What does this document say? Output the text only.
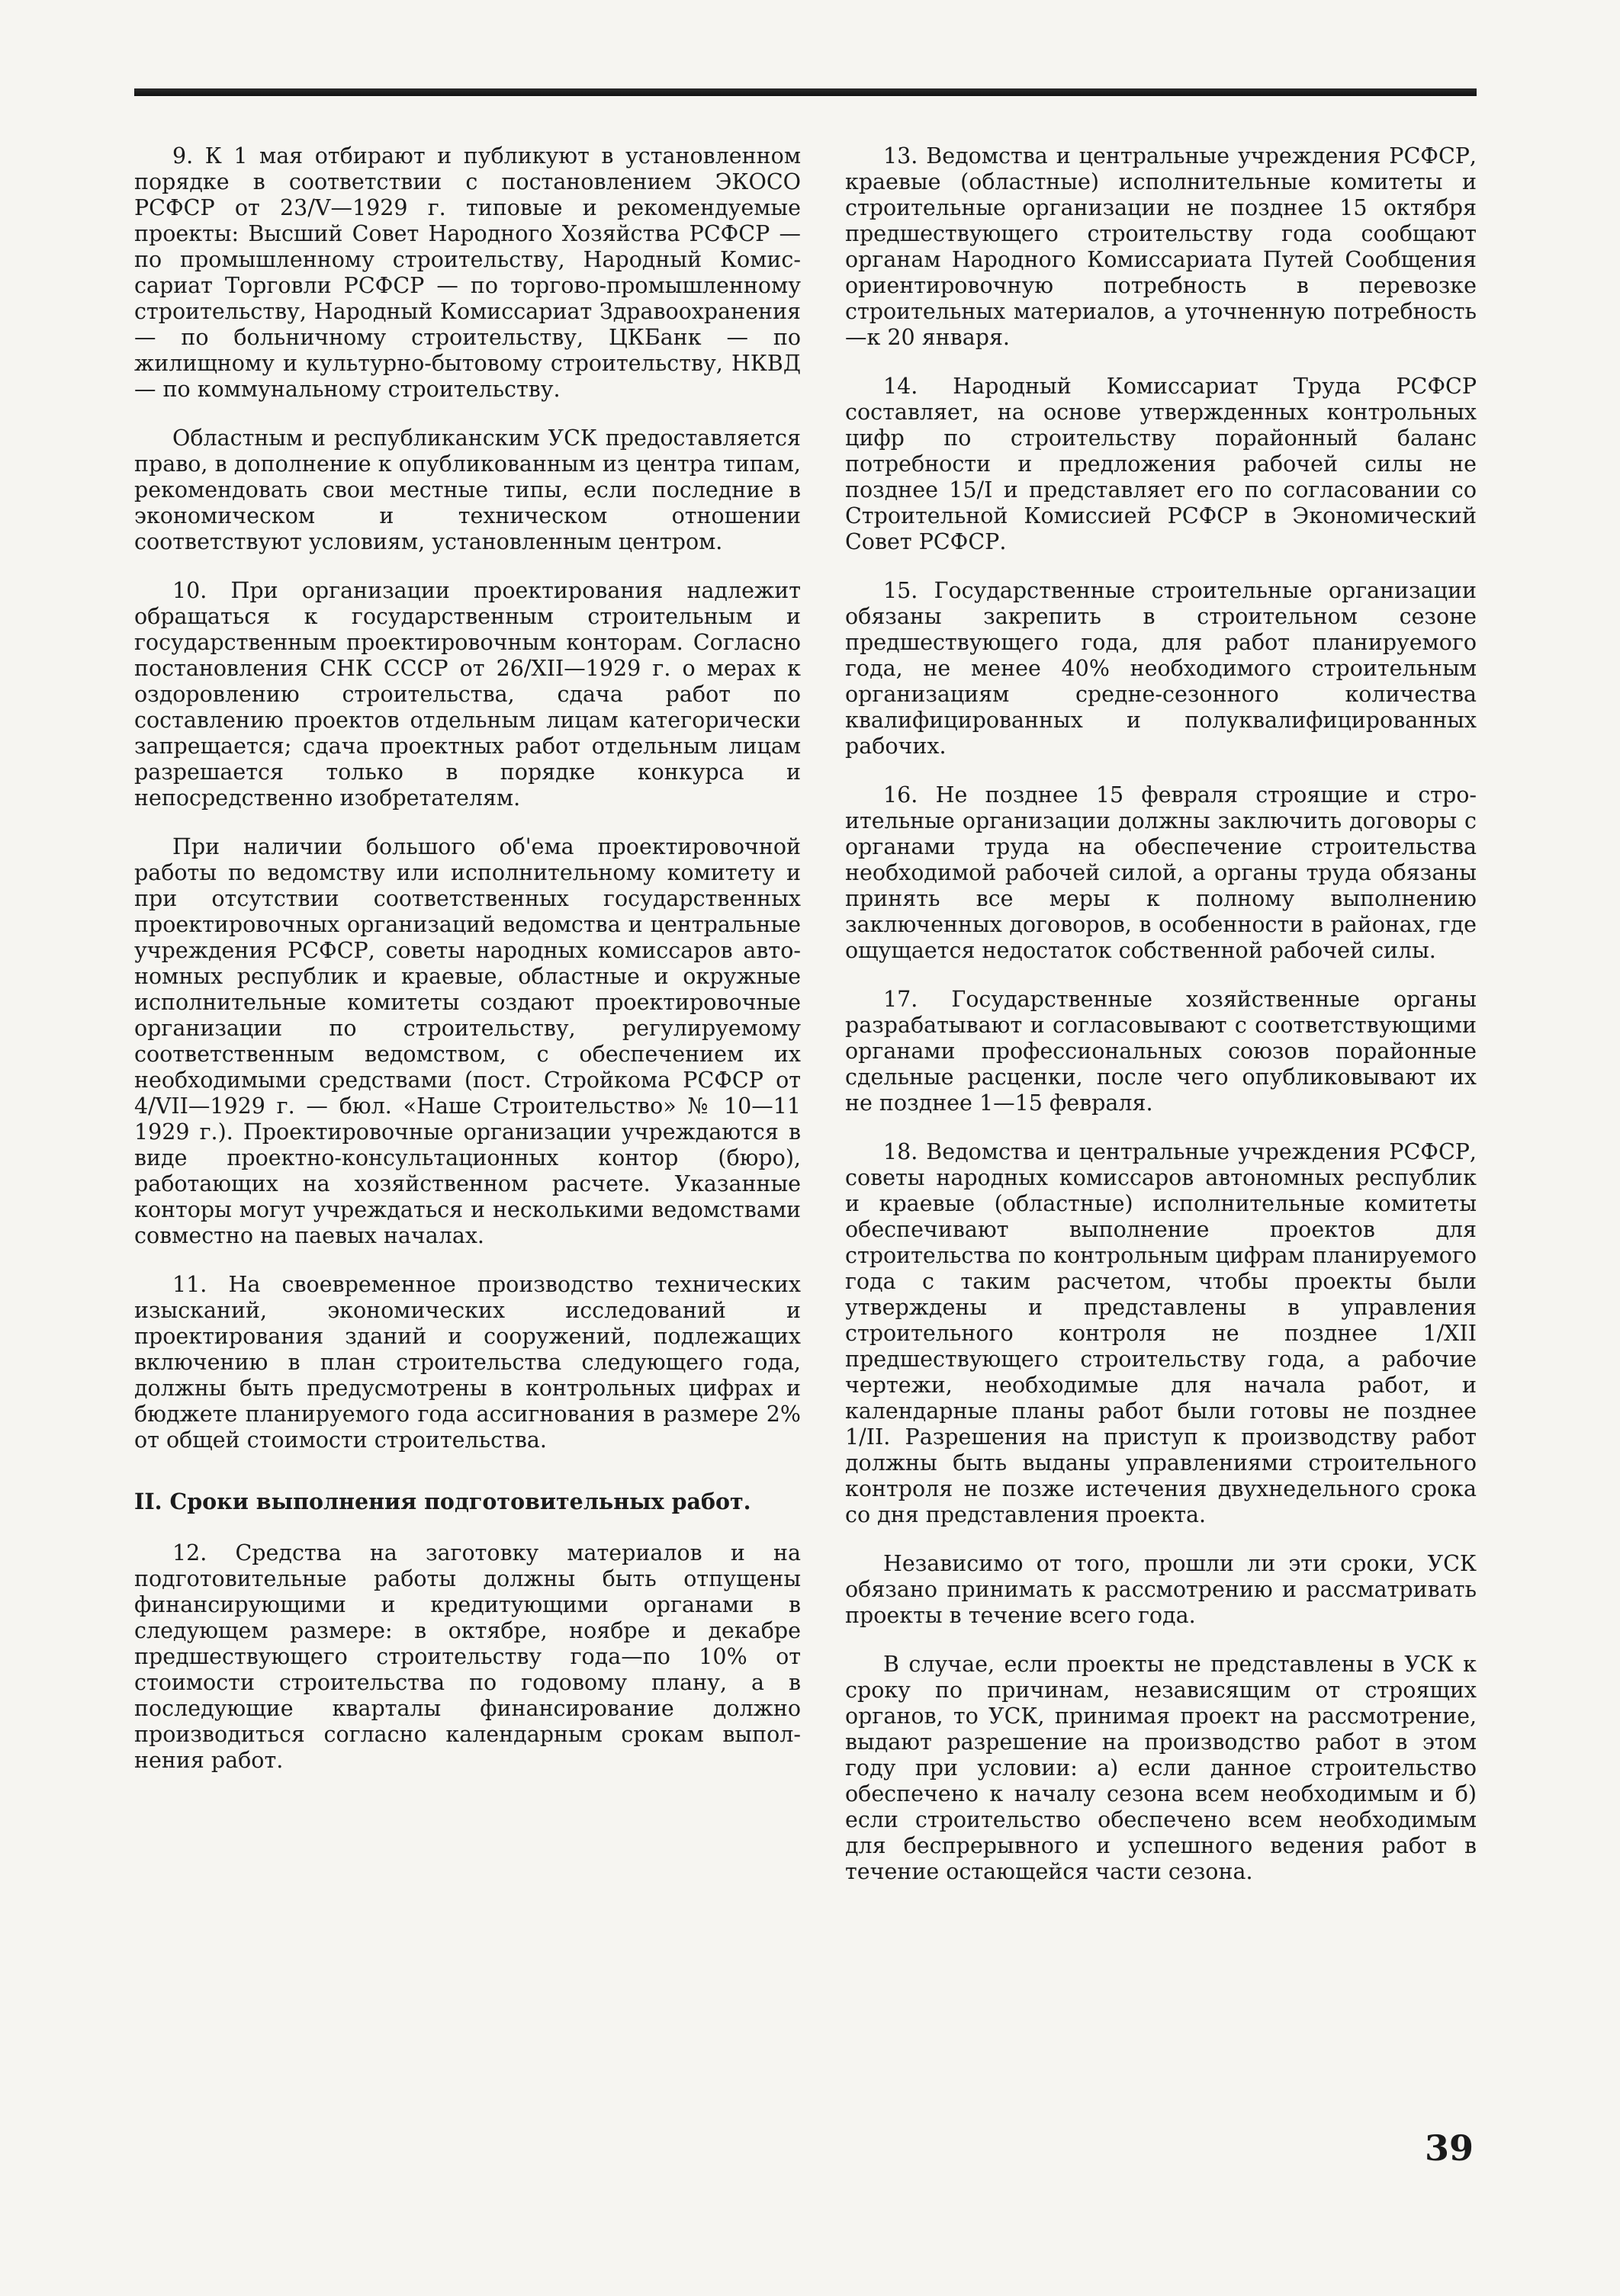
9. К 1 мая отбирают и публикуют в установленном порядке в соответствии с постановлением ЭКОСО РСФСР от 23/V—1929 г. типовые и рекомендуемые проекты: Высший Совет Народного Хозяйства РСФСР — по промышленному строительству, Народный Комиссариат Торговли РСФСР — по торгово-промышленному строительству, Народный Комиссариат Здравоохранения — по больничному строительству, ЦКБанк — по жилищному и культурно-бытовому строительству, НКВД — по коммунальному строительству.

Областным и республиканским УСК предоставляется право, в дополнение к опубликованным из центра типам, рекомендовать свои местные типы, если последние в экономическом и техническом отношении соответствуют условиям, установленным центром.

10. При организации проектирования надлежит обращаться к государственным строительным и государственным проектировочным конторам. Согласно постановления СНК СССР от 26/XII—1929 г. о мерах к оздоровлению строительства, сдача работ по составлению проектов отдельным лицам категорически запрещается; сдача проектных работ отдельным лицам разрешается только в порядке конкурса и непосредственно изобретателям.

При наличии большого об'ема проектировочной работы по ведомству или исполнительному комитету и при отсутствии соответственных государственных проектировочных организаций ведомства и центральные учреждения РСФСР, советы народных комиссаров автономных республик и краевые, областные и окружные исполнительные комитеты создают проектировочные организации по строительству, регулируемому соответственным ведомством, с обеспечением их необходимыми средствами (пост. Стройкома РСФСР от 4/VII—1929 г. — бюл. «Наше Строительство» № 10—11 1929 г.). Проектировочные организации учреждаются в виде проектно-консультационных контор (бюро), работающих на хозяйственном расчете. Указанные конторы могут учреждаться и несколькими ведомствами совместно на паевых началах.

11. На своевременное производство технических изысканий, экономических исследований и проектирования зданий и сооружений, подлежащих включению в план строительства следующего года, должны быть предусмотрены в контрольных цифрах и бюджете планируемого года ассигнования в размере 2% от общей стоимости строительства.

II. Сроки выполнения подготовительных работ.

12. Средства на заготовку материалов и на подготовительные работы должны быть отпущены финансирующими и кредитующими органами в следующем размере: в октябре, ноябре и декабре предшествующего строительству года—по 10% от стоимости строительства по годовому плану, а в последующие кварталы финансирование должно производиться согласно календарным срокам выполнения работ.

13. Ведомства и центральные учреждения РСФСР, краевые (областные) исполнительные комитеты и строительные организации не позднее 15 октября предшествующего строительству года сообщают органам Народного Комиссариата Путей Сообщения ориентировочную потребность в перевозке строительных материалов, а уточненную потребность—к 20 января.

14. Народный Комиссариат Труда РСФСР составляет, на основе утвержденных контрольных цифр по строительству порайонный баланс потребности и предложения рабочей силы не позднее 15/I и представляет его по согласовании со Строительной Комиссией РСФСР в Экономический Совет РСФСР.

15. Государственные строительные организации обязаны закрепить в строительном сезоне предшествующего года, для работ планируемого года, не менее 40% необходимого строительным организациям средне-сезонного количества квалифицированных и полуквалифицированных рабочих.

16. Не позднее 15 февраля строящие и строительные организации должны заключить договоры с органами труда на обеспечение строительства необходимой рабочей силой, а органы труда обязаны принять все меры к полному выполнению заключенных договоров, в особенности в районах, где ощущается недостаток собственной рабочей силы.

17. Государственные хозяйственные органы разрабатывают и согласовывают с соответствующими органами профессиональных союзов порайонные сдельные расценки, после чего опубликовывают их не позднее 1—15 февраля.

18. Ведомства и центральные учреждения РСФСР, советы народных комиссаров автономных республик и краевые (областные) исполнительные комитеты обеспечивают выполнение проектов для строительства по контрольным цифрам планируемого года с таким расчетом, чтобы проекты были утверждены и представлены в управления строительного контроля не позднее 1/XII предшествующего строительству года, а рабочие чертежи, необходимые для начала работ, и календарные планы работ были готовы не позднее 1/II. Разрешения на приступ к производству работ должны быть выданы управлениями строительного контроля не позже истечения двухнедельного срока со дня представления проекта.

Независимо от того, прошли ли эти сроки, УСК обязано принимать к рассмотрению и рассматривать проекты в течение всего года.

В случае, если проекты не представлены в УСК к сроку по причинам, независящим от строящих органов, то УСК, принимая проект на рассмотрение, выдают разрешение на производство работ в этом году при условии: а) если данное строительство обеспечено к началу сезона всем необходимым и б) если строительство обеспечено всем необходимым для беспрерывного и успешного ведения работ в течение остающейся части сезона.

39
